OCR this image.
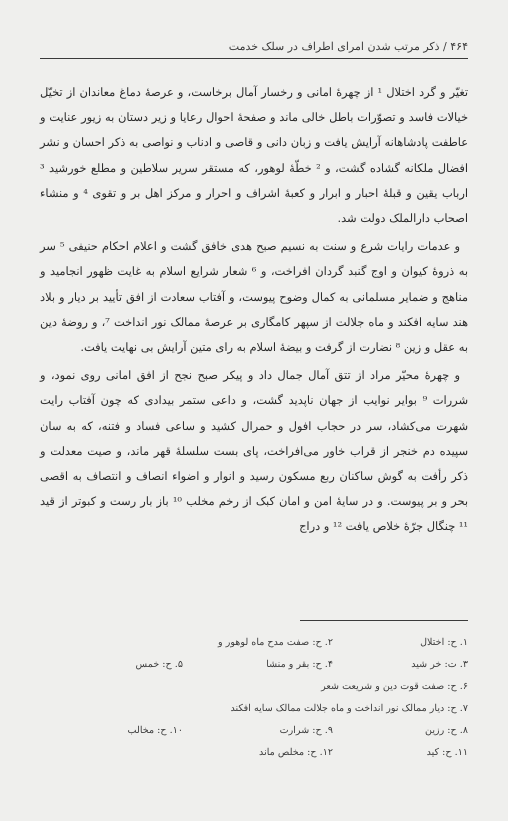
۴۶۴ / ذکر مرتب شدن امرای اطراف در سلک خدمت

تغیّر و گرد اختلال ¹ از چهرهٔ امانی و رخسار آمال برخاست، و عرصهٔ دماغ معاندان از تخیّل خیالات فاسد و تصوّرات باطل خالی ماند و صفحهٔ احوال رعایا و زیر دستان به زیور عنایت و عاطفت پادشاهانه آرایش یافت و زبان دانی و قاصی و ادناب و نواصی به ذکر احسان و نشر افضال ملکانه گشاده گشت، و ² خطّهٔ لوهور، که مستقر سریر سلاطین و مطلع خورشید ³ ارباب یقین و قبلهٔ احبار و ابرار و کعبهٔ اشراف و احرار و مرکز اهل بر و تقوی ⁴ و منشاء اصحاب دارالملک دولت شد.

و عدمات رایات شرع و سنت به نسیم صبح هدی خافق گشت و اعلام احکام حنیفی ⁵ سر به ذروهٔ کیوان و اوج گنبد گردان افراخت، و ⁶ شعار شرایع اسلام به غایت ظهور انجامید و مناهج و ضمایر مسلمانی به کمال وضوح پیوست، و آفتاب سعادت از افق تأیید بر دیار و بلاد هند سایه افکند و ماه جلالت از سپهر کامگاری بر عرصهٔ ممالک نور انداخت ⁷، و روضهٔ دین به عقل و زین ⁸ نضارت از گرفت و بیضهٔ اسلام به رای متین آرایش بی نهایت یافت.

و چهرهٔ محیّر مراد از تتق آمال جمال داد و پیکر صبح نجح از افق امانی روی نمود، و شررات ⁹ بوایر نوایب از جهان ناپدید گشت، و داعی ستمر بیدادی که چون آفتاب رایت شهرت می‌کشاد، سر در حجاب افول و حمرال کشید و ساعی فساد و فتنه، که به سان سپیده دم خنجر از قراب خاور می‌افراخت، پای بست سلسلهٔ قهر ماند، و صیت معدلت و ذکر رأفت به گوش ساکنان ربع مسکون رسید و انوار و اضواء انصاف و انتصاف به اقصی بحر و بر پیوست. و در سایهٔ امن و امان کبک از رخم مخلب ¹⁰ باز بار رست و کبوتر از قید ¹¹ چنگال جرّهٔ خلاص یافت ¹² و دراج

۱. ح: اختلال
۲. ح: صفت مدح ماه لوهور و
۳. ت: خر شید
۴. ح: بقر و منشا
۵. ح: خمس
۶. ح: صفت قوت دین و شریعت شعر
۷. ح: دیار ممالک نور انداخت و ماه جلالت ممالک سایه افکند
۸. ح: رزین
۹. ح: شرارت
۱۰. ح: مخالب
۱۱. ح: کید
۱۲. ح: مخلص ماند
